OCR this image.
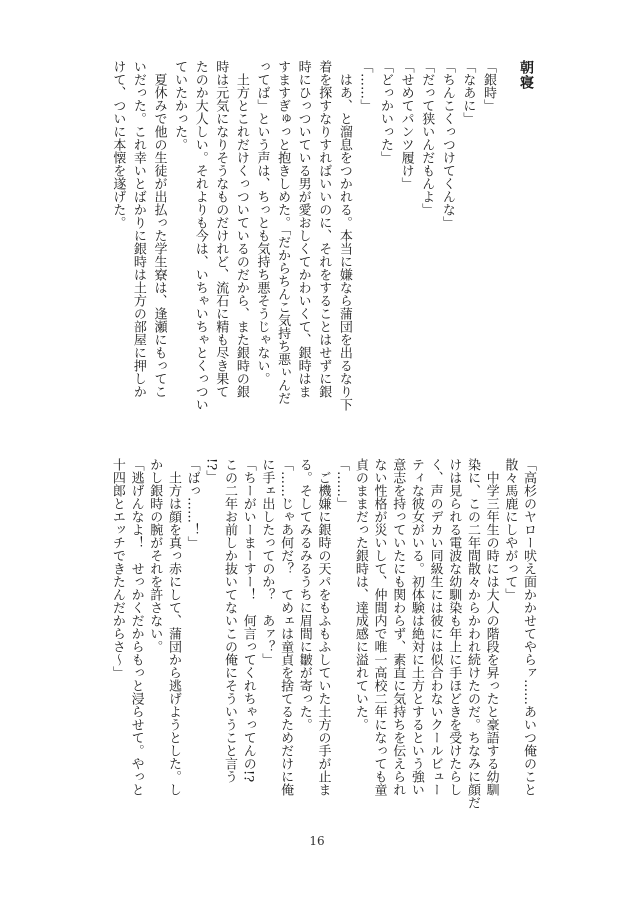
朝寝
「銀時」
「なあに」
「ちんこくっつけてくんな」
「だって狭いんだもんよ」
「せめてパンツ履け」
「どっかいった」
「……」
　はあ、と溜息をつかれる。本当に嫌なら蒲団を出るなり下
着を探すなりすればいいのに、それをすることはせずに銀
時にひっついている男が愛おしくてかわいくて、銀時はま
すますぎゅっと抱きしめた。「だからちんこ気持ち悪ぃんだ
ってば」という声は、ちっとも気持ち悪そうじゃない。
　土方とこれだけくっついているのだから、また銀時の銀
時は元気になりそうなものだけれど、流石に精も尽き果て
たのか大人しい。それよりも今は、いちゃいちゃとくっつい
ていたかった。
　夏休みで他の生徒が出払った学生寮は、逢瀬にもってこ
いだった。これ幸いとばかりに銀時は土方の部屋に押しか
けて、ついに本懐を遂げた。
「高杉のヤロー吠え面かかせてやらァ……あいつ俺のこと
散々馬鹿にしやがって」
　中学三年生の時には大人の階段を昇ったと豪語する幼馴
染に、この二年間散々からかわれ続けたのだ。ちなみに顔だ
けは見られる電波な幼馴染も年上に手ほどきを受けたらし
く、声のデカい同級生には彼には似合わないクールビュー
ティな彼女がいる。初体験は絶対に土方とするという強い
意志を持っていたにも関わらず、素直に気持ちを伝えられ
ない性格が災いして、仲間内で唯一高校二年になっても童
貞のままだった銀時は、達成感に溢れていた。
「……」
　ご機嫌に銀時の天パをもふもふしていた土方の手が止ま
る。そしてみるみるうちに眉間に皺が寄った。
「……じゃあ何だ？　てめェは童貞を捨てるためだけに俺
に手ェ出したってのか？　あァ？」
「ちーがいーまーすー！　何言ってくれちゃってんの!?
この二年お前しか抜いてないこの俺にそういうこと言う
!?」
「ばっ……！」
　土方は顔を真っ赤にして、蒲団から逃げようとした。し
かし銀時の腕がそれを許さない。
「逃げんなよ！　せっかくだからもっと浸らせて。やっと
十四郎とエッチできたんだからさ〜」
16
